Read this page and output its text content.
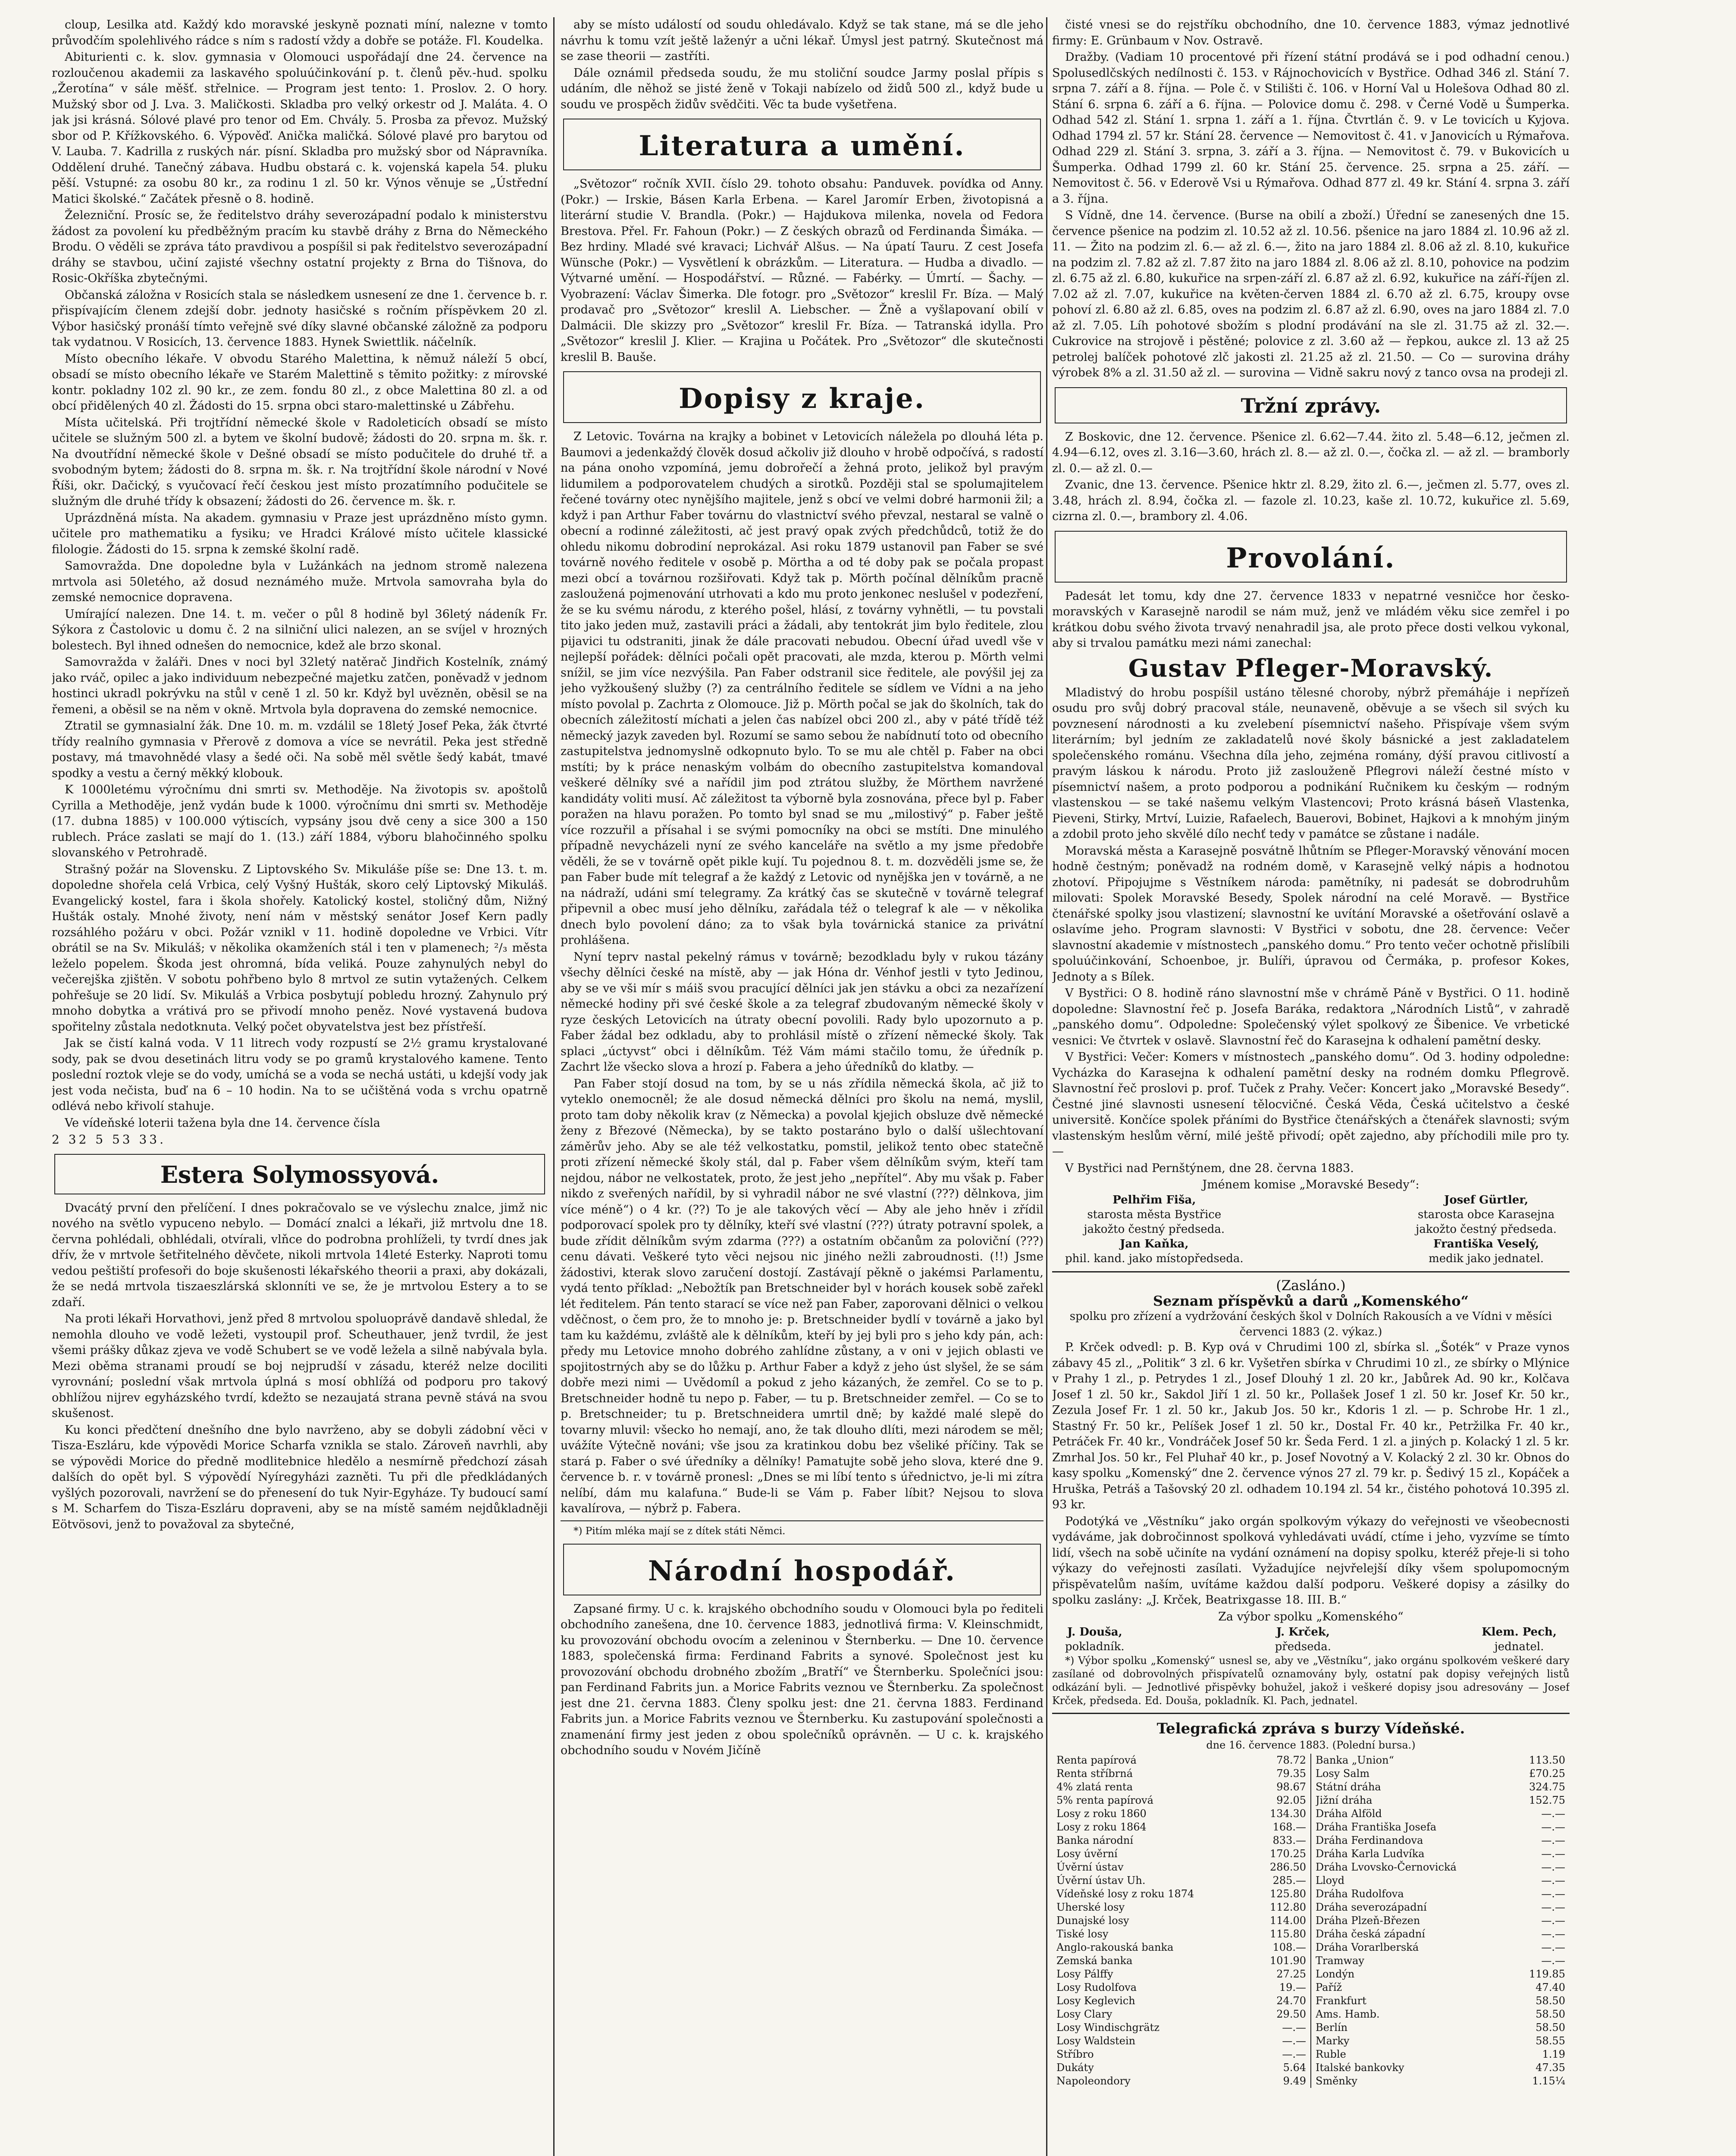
cloup, Lesilka atd. Každý kdo moravské jeskyně poznati míní, nalezne v tomto průvodčím spolehlivého rádce s ním s radostí vždy a dobře se potáže. Fl. Koudelka.

Abiturienti c. k. slov. gymnasia v Olomouci uspořádají dne 24. července na rozloučenou akademii za laskavého spoluúčinkování p. t. členů pěv.-hud. spolku „Žerotína“ v sále měšť. střelnice. — Program jest tento: 1. Proslov. 2. O hory. Mužský sbor od J. Lva. 3. Maličkosti. Skladba pro velký orkestr od J. Maláta. 4. O jak jsi krásná. Sólové plavé pro tenor od Em. Chvály. 5. Prosba za převoz. Mužský sbor od P. Křížkovského. 6. Výpověď. Anička maličká. Sólové plavé pro barytou od V. Lauba. 7. Kadrilla z ruských nár. písní. Skladba pro mužský sbor od Nápravníka. Oddělení druhé. Tanečný zábava. Hudbu obstará c. k. vojenská kapela 54. pluku pěší. Vstupné: za osobu 80 kr., za rodinu 1 zl. 50 kr. Výnos věnuje se „Ústřední Matici školské.“ Začátek přesně o 8. hodině.

Železniční. Prosíc se, že ředitelstvo dráhy severozápadní podalo k ministerstvu žádost za povolení ku předběžným pracím ku stavbě dráhy z Brna do Německého Brodu. O věděli se zpráva táto pravdivou a pospíšil si pak ředitelstvo severozápadní dráhy se stavbou, učiní zajisté všechny ostatní projekty z Brna do Tišnova, do Rosic-Okříška zbytečnými.

Občanská záložna v Rosicích stala se následkem usnesení ze dne 1. července b. r. přispívajícím členem zdejší dobr. jednoty hasičské s ročním příspěvkem 20 zl. Výbor hasičský pronáší tímto veřejně své díky slavné občanské záložně za podporu tak vydatnou. V Rosicích, 13. července 1883. Hynek Swiettlik. náčelník.

Místo obecního lékaře. V obvodu Starého Malettina, k němuž náleží 5 obcí, obsadí se místo obecního lékaře ve Starém Malettině s těmito požitky: z mírovské kontr. pokladny 102 zl. 90 kr., ze zem. fondu 80 zl., z obce Malettina 80 zl. a od obcí přidělených 40 zl. Žádosti do 15. srpna obci staro-malettinské u Zábřehu.

Místa učitelská. Při trojtřídní německé škole v Radoleticích obsadí se místo učitele se služným 500 zl. a bytem ve školní budově; žádosti do 20. srpna m. šk. r. Na dvoutřídní německé škole v Dešné obsadí se místo podučitele do druhé tř. a svobodným bytem; žádosti do 8. srpna m. šk. r. Na trojtřídní škole národní v Nové Říši, okr. Dačický, s vyučovací řečí českou jest místo prozatímního podučitele se služným dle druhé třídy k obsazení; žádosti do 26. července m. šk. r.

Uprázdněná místa. Na akadem. gymnasiu v Praze jest uprázdněno místo gymn. učitele pro mathematiku a fysiku; ve Hradci Králové místo učitele klassické filologie. Žádosti do 15. srpna k zemské školní radě.

Samovražda. Dne dopoledne byla v Lužánkách na jednom stromě nalezena mrtvola asi 50letého, až dosud neznámého muže. Mrtvola samovraha byla do zemské nemocnice dopravena.

Umírající nalezen. Dne 14. t. m. večer o půl 8 hodině byl 36letý nádeník Fr. Sýkora z Častolovic u domu č. 2 na silniční ulici nalezen, an se svíjel v hrozných bolestech. Byl ihned odnešen do nemocnice, kdež ale brzo skonal.

Samovražda v žaláři. Dnes v noci byl 32letý natěrač Jindřich Kostelník, známý jako rváč, opilec a jako individuum nebezpečné majetku zatčen, poněvadž v jednom hostinci ukradl pokrývku na stůl v ceně 1 zl. 50 kr. Když byl uvězněn, oběsil se na řemeni, a oběsil se na něm v okně. Mrtvola byla dopravena do zemské nemocnice.

Ztratil se gymnasialní žák. Dne 10. m. m. vzdálil se 18letý Josef Peka, žák čtvrté třídy realního gymnasia v Přerově z domova a více se nevrátil. Peka jest středně postavy, má tmavohnědé vlasy a šedé oči. Na sobě měl světle šedý kabát, tmavé spodky a vestu a černý měkký klobouk.

K 1000letému výročnímu dni smrti sv. Methoděje. Na životopis sv. apoštolů Cyrilla a Methoděje, jenž vydán bude k 1000. výročnímu dni smrti sv. Methoděje (17. dubna 1885) v 100.000 výtiscích, vypsány jsou dvě ceny a sice 300 a 150 rublech. Práce zaslati se mají do 1. (13.) září 1884, výboru blahočinného spolku slovanského v Petrohradě.

Strašný požár na Slovensku. Z Liptovského Sv. Mikuláše píše se: Dne 13. t. m. dopoledne shořela celá Vrbica, celý Vyšný Hušták, skoro celý Liptovský Mikuláš. Evangelický kostel, fara i škola shořely. Katolický kostel, stoličný dům, Nižný Hušták ostaly. Mnohé životy, není nám v městský senátor Josef Kern padly rozsáhlého požáru v obci. Požár vznikl v 11. hodině dopoledne ve Vrbici. Vítr obrátil se na Sv. Mikuláš; v několika okamženích stál i ten v plamenech; ²/₃ města leželo popelem. Škoda jest ohromná, bída veliká. Pouze zahynulých nebyl do večerejška zjištěn. V sobotu pohřbeno bylo 8 mrtvol ze sutin vytažených. Celkem pohřešuje se 20 lidí. Sv. Mikuláš a Vrbica posbytují pobledu hrozný. Zahynulo prý mnoho dobytka a vrátivá pro se přivodí mnoho peněz. Nové vystavená budova spořitelny zůstala nedotknuta. Velký počet obyvatelstva jest bez přístřeší.

Jak se čistí kalná voda. V 11 litrech vody rozpustí se 2½ gramu krystalované sody, pak se dvou desetinách litru vody se po gramů krystalového kamene. Tento poslední roztok vleje se do vody, umíchá se a voda se nechá ustáti, u kdejší vody jak jest voda nečista, buď na 6 – 10 hodin. Na to se učištěná voda s vrchu opatrně odlévá nebo křivolí stahuje.

Ve vídeňské loterii tažena byla dne 14. července čísla

2 32 5 53 33.

Estera Solymossyová.

Dvacátý první den přelíčení. I dnes pokračovalo se ve výslechu znalce, jimž nic nového na světlo vypuceno nebylo. — Domácí znalci a lékaři, již mrtvolu dne 18. června pohlédali, obhlédali, otvírali, vlňce do podrobna prohlíželi, ty tvrdí dnes jak dřív, že v mrtvole šetřitelného děvčete, nikoli mrtvola 14leté Esterky. Naproti tomu vedou peštiští profesoři do boje skušenosti lékařského theorii a praxi, aby dokázali, že se nedá mrtvola tiszaeszlárská sklonníti ve se, že je mrtvolou Estery a to se zdaří.

Na proti lékaři Horvathovi, jenž před 8 mrtvolou spoluoprávě dandavě shledal, že nemohla dlouho ve vodě ležeti, vystoupil prof. Scheuthauer, jenž tvrdil, že jest všemi prášky důkaz zjeva ve vodě Schubert se ve vodě ležela a silně nabývala byla. Mezi oběma stranami proudí se boj nejprudší v zásadu, kteréž nelze dociliti vyrovnání; poslední však mrtvola úplná s mosí obhlížá od podporu pro takový obhlížou nijrev egyházského tvrdí, kdežto se nezaujatá strana pevně stává na svou skušenost.

Ku konci předčtení dnešního dne bylo navrženo, aby se dobyli zádobní věci v Tisza-Eszláru, kde výpovědi Morice Scharfa vznikla se stalo. Zároveň navrhli, aby se výpovědi Morice do předně modlitebnice hledělo a nesmírně předchozí zásah dalších do opět byl. S výpovědí Nyíregyházi zazněti. Tu při dle předkládaných vyšlých pozorovali, navržení se do přenesení do tuk Nyir-Egyháze. Ty budoucí samí s M. Scharfem do Tisza-Eszláru dopraveni, aby se na místě samém nejdůkladněji Eötvösovi, jenž to považoval za sbytečné,

aby se místo událostí od soudu ohledávalo. Když se tak stane, má se dle jeho návrhu k tomu vzít ještě laženýr a učni lékař. Úmysl jest patrný. Skutečnost má se zase theorii — zastříti.

Dále oznámil předseda soudu, že mu stoliční soudce Jarmy poslal přípis s udáním, dle něhož se jisté ženě v Tokaji nabízelo od židů 500 zl., když bude u soudu ve prospěch židův svědčiti. Věc ta bude vyšetřena.

Literatura a umění.

„Světozor“ ročník XVII. číslo 29. tohoto obsahu: Panduvek. povídka od Anny. (Pokr.) — Irskie, Básen Karla Erbena. — Karel Jaromír Erben, životopisná a literární studie V. Brandla. (Pokr.) — Hajdukova milenka, novela od Fedora Brestova. Přel. Fr. Fahoun (Pokr.) — Z českých obrazů od Ferdinanda Šimáka. — Bez hrdiny. Mladé své kravaci; Lichvář Alšus. — Na úpatí Tauru. Z cest Josefa Wünsche (Pokr.) — Vysvětlení k obrázkům. — Literatura. — Hudba a divadlo. — Výtvarné umění. — Hospodářství. — Různé. — Fabérky. — Úmrtí. — Šachy. — Vyobrazení: Václav Šimerka. Dle fotogr. pro „Světozor“ kreslil Fr. Bíza. — Malý prodavač pro „Světozor“ kreslil A. Liebscher. — Žně a vyšlapovaní obilí v Dalmácii. Dle skizzy pro „Světozor“ kreslil Fr. Bíza. — Tatranská idylla. Pro „Světozor“ kreslil J. Klier. — Krajina u Počátek. Pro „Světozor“ dle skutečnosti kreslil B. Bauše.

Dopisy z kraje.

Z Letovic. Továrna na krajky a bobinet v Letovicích náležela po dlouhá léta p. Baumovi a jedenkaždý člověk dosud ačkoliv již dlouho v hrobě odpočívá, s radostí na pána onoho vzpomíná, jemu dobrořečí a žehná proto, jelikož byl pravým lidumilem a podporovatelem chudých a sirotků. Později stal se spolumajitelem řečené továrny otec nynějšího majitele, jenž s obcí ve velmi dobré harmonii žil; a když i pan Arthur Faber továrnu do vlastnictví svého převzal, nestaral se valně o obecní a rodinné záležitosti, ač jest pravý opak zvých předchůdců, totiž že do ohledu nikomu dobrodiní neprokázal. Asi roku 1879 ustanovil pan Faber se své továrně nového ředitele v osobě p. Mörtha a od té doby pak se počala propast mezi obcí a továrnou rozšiřovati. Když tak p. Mörth počínal dělníkům pracně zasloužená pojmenování utrhovati a kdo mu proto jenkonec neslušel v podezření, že se ku svému národu, z kterého pošel, hlásí, z továrny vyhnětli, — tu povstali tito jako jeden muž, zastavili práci a žádali, aby tentokrát jim bylo ředitele, zlou pijavici tu odstraniti, jinak že dále pracovati nebudou. Obecní úřad uvedl vše v nejlepší pořádek: dělníci počali opět pracovati, ale mzda, kterou p. Mörth velmi snížil, se jim více nezvýšila. Pan Faber odstranil sice ředitele, ale povýšil jej za jeho vyžkoušený služby (?) za centrálního ředitele se sídlem ve Vídni a na jeho místo povolal p. Zachrta z Olomouce. Již p. Mörth počal se jak do školních, tak do obecních záležitostí míchati a jelen čas nabízel obci 200 zl., aby v páté třídě též německý jazyk zaveden byl. Rozumí se samo sebou že nabídnutí toto od obecního zastupitelstva jednomyslně odkopnuto bylo. To se mu ale chtěl p. Faber na obci mstíti; by k práce nenaským volbám do obecního zastupitelstva komandoval veškeré dělníky své a nařídil jim pod ztrátou služby, že Mörthem navržené kandidáty voliti musí. Ač záležitost ta výborně byla zosnována, přece byl p. Faber poražen na hlavu poražen. Po tomto byl snad se mu „milostivý“ p. Faber ještě více rozzuřil a přísahal i se svými pomocníky na obci se mstíti. Dne minulého případně nevycházeli nyní ze svého kanceláře na světlo a my jsme předobře věděli, že se v továrně opět pikle kují. Tu pojednou 8. t. m. dozvěděli jsme se, že pan Faber bude mít telegraf a že každý z Letovic od nynějška jen v továrně, a ne na nádraží, udáni smí telegramy. Za krátký čas se skutečně v továrně telegraf připevnil a obec musí jeho dělníku, zařádala též o telegraf k ale — v několika dnech bylo povolení dáno; za to však byla továrnická stanice za privátní prohlášena.

Nyní teprv nastal pekelný rámus v továrně; bezodkladu byly v rukou tázány všechy dělníci české na místě, aby — jak Hóna dr. Vénhof jestli v tyto Jedinou, aby se ve vši mír s máiš svou pracující dělníci jak jen stávku a obci za nezařízení německé hodiny při své české škole a za telegraf zbudovaným německé školy v ryze českých Letovicích na útraty obecní povolili. Rady bylo upozornuto a p. Faber žádal bez odkladu, aby to prohlásil místě o zřízení německé školy. Tak splaci „úctyvst“ obci i dělníkům. Též Vám mámi stačilo tomu, že úředník p. Zachrt lže všecko slova a hrozí p. Fabera a jeho úředníků do klatby. —

Pan Faber stojí dosud na tom, by se u nás zřídila německá škola, ač již to vyteklo onemocněl; že ale dosud německá dělníci pro školu na nemá, myslil, proto tam doby několik krav (z Německa) a povolal kjejich obsluze dvě německé ženy z Březové (Německa), by se takto postaráno bylo o další ušlechtovaní záměrův jeho. Aby se ale též velkostatku, pomstil, jelikož tento obec statečně proti zřízení německé školy stál, dal p. Faber všem dělníkům svým, kteří tam nejdou, nábor ne velkostatek, proto, že jest jeho „nepřítel“. Aby mu však p. Faber nikdo z sveřených nařídil, by si vyhradil nábor ne své vlastní (???) dělnkova, jim více méně“) o 4 kr. (??) To je ale takových věcí — Aby ale jeho hněv i zřídil podporovací spolek pro ty dělníky, kteří své vlastní (???) útraty potravní spolek, a bude zřídit dělníkům svým zdarma (???) a ostatním občanům za poloviční (???) cenu dávati. Veškeré tyto věci nejsou nic jiného nežli zabroudnosti. (!!) Jsme žádostivi, kterak slovo zaručení dostojí. Zastávají pěkně o jakémsi Parlamentu, vydá tento příklad: „Nebožtík pan Bretschneider byl v horách kousek sobě zařekl lét ředitelem. Pán tento starací se více než pan Faber, zaporovani dělnici o velkou vděčnost, o čem pro, že to mnoho je: p. Bretschneider bydlí v továrně a jako byl tam ku každému, zvláště ale k dělníkům, kteří by jej byli pro s jeho kdy pán, ach: předy mu Letovice mnoho dobrého zahlídne zůstany, a v oni v jejich oblasti ve spojitostrných aby se do lůžku p. Arthur Faber a když z jeho úst slyšel, že se sám dobře mezi nimi — Uvědomíl a pokud z jeho kázaných, že zemřel. Co se to p. Bretschneider hodně tu nepo p. Faber, — tu p. Bretschneider zemřel. — Co se to p. Bretschneider; tu p. Bretschneidera umrtil dně; by každé malé slepě do tovarny mluvil: všecko ho nemají, ano, že tak dlouho dlíti, mezi národem se měl; uvážíte Výtečně nováni; vše jsou za kratinkou dobu bez všeliké příčiny. Tak se stará p. Faber o své úředníky a dělníky! Pamatujte sobě jeho slova, které dne 9. července b. r. v továrně pronesl: „Dnes se mi líbí tento s úřednictvo, je-li mi zítra nelíbí, dám mu kalafuna.“ Bude-li se Vám p. Faber líbit? Nejsou to slova kavalírova, — nýbrž p. Fabera.

*) Pitím mléka mají se z dítek státi Němci.

Národní hospodář.

Zapsané firmy. U c. k. krajského obchodního soudu v Olomouci byla po řediteli obchodního zanešena, dne 10. července 1883, jednotlivá firma: V. Kleinschmidt, ku provozování obchodu ovocím a zeleninou v Šternberku. — Dne 10. července 1883, společenská firma: Ferdinand Fabrits a synové. Společnost jest ku provozování obchodu drobného zbožím „Bratří“ ve Šternberku. Společníci jsou: pan Ferdinand Fabrits jun. a Morice Fabrits veznou ve Šternberku. Za společnost jest dne 21. června 1883. Členy spolku jest: dne 21. června 1883. Ferdinand Fabrits jun. a Morice Fabrits veznou ve Šternberku. Ku zastupování společnosti a znamenání firmy jest jeden z obou společníků oprávněn. — U c. k. krajského obchodního soudu v Novém Jičíně

čisté vnesi se do rejstříku obchodního, dne 10. července 1883, výmaz jednotlivé firmy: E. Grünbaum v Nov. Ostravě.

Dražby. (Vadiam 10 procentové při řízení státní prodává se i pod odhadní cenou.) Spolusedlčských nedílnosti č. 153. v Rájnochovicích v Bystřice. Odhad 346 zl. Stání 7. srpna 7. září a 8. října. — Pole č. v Stilišti č. 106. v Horní Val u Holešova Odhad 80 zl. Stání 6. srpna 6. září a 6. října. — Polovice domu č. 298. v Černé Vodě u Šumperka. Odhad 542 zl. Stání 1. srpna 1. září a 1. října. Čtvrtlán č. 9. v Le tovicích u Kyjova. Odhad 1794 zl. 57 kr. Stání 28. července — Nemovitost č. 41. v Janovicích u Rýmařova. Odhad 229 zl. Stání 3. srpna, 3. září a 3. října. — Nemovitost č. 79. v Bukovicích u Šumperka. Odhad 1799 zl. 60 kr. Stání 25. července. 25. srpna a 25. září. — Nemovitost č. 56. v Ederově Vsi u Rýmařova. Odhad 877 zl. 49 kr. Stání 4. srpna 3. září a 3. října.

S Vídně, dne 14. července. (Burse na obilí a zboží.) Úřední se zanesených dne 15. července pšenice na podzim zl. 10.52 až zl. 10.56. pšenice na jaro 1884 zl. 10.96 až zl. 11. — Žito na podzim zl. 6.— až zl. 6.—, žito na jaro 1884 zl. 8.06 až zl. 8.10, kukuřice na podzim zl. 7.82 až zl. 7.87 žito na jaro 1884 zl. 8.06 až zl. 8.10, pohovice na podzim zl. 6.75 až zl. 6.80, kukuřice na srpen-září zl. 6.87 až zl. 6.92, kukuřice na září-říjen zl. 7.02 až zl. 7.07, kukuřice na květen-červen 1884 zl. 6.70 až zl. 6.75, kroupy ovse pohoví zl. 6.80 až zl. 6.85, oves na podzim zl. 6.87 až zl. 6.90, oves na jaro 1884 zl. 7.0 až zl. 7.05. Líh pohotové sbožím s plodní prodávání na sle zl. 31.75 až zl. 32.—. Cukrovice na strojově i pěstěné; polovice z zl. 3.60 až — řepkou, aukce zl. 13 až 25 petrolej balíček pohotové zlč jakosti zl. 21.25 až zl. 21.50. — Co — surovina dráhy výrobek 8% a zl. 31.50 až zl. — surovina — Vidně sakru nový z tanco ovsa na prodeji zl.

Tržní zprávy.

Z Boskovic, dne 12. července. Pšenice zl. 6.62—7.44. žito zl. 5.48—6.12, ječmen zl. 4.94—6.12, oves zl. 3.16—3.60, hrách zl. 8.— až zl. 0.—, čočka zl. — až zl. — bramborly zl. 0.— až zl. 0.—

Zvanic, dne 13. července. Pšenice hktr zl. 8.29, žito zl. 6.—, ječmen zl. 5.77, oves zl. 3.48, hrách zl. 8.94, čočka zl. — fazole zl. 10.23, kaše zl. 10.72, kukuřice zl. 5.69, cizrna zl. 0.—, brambory zl. 4.06.

Provolání.

Padesát let tomu, kdy dne 27. července 1833 v nepatrné vesničce hor česko-moravských v Karasejně narodil se nám muž, jenž ve mládém věku sice zemřel i po krátkou dobu svého života trvavý nenahradil jsa, ale proto přece dosti velkou vykonal, aby si trvalou památku mezi námi zanechal:

Gustav Pfleger-Moravský.

Mladistvý do hrobu pospíšil ustáno tělesné choroby, nýbrž přemáháje i nepřízeň osudu pro svůj dobrý pracoval stále, neunaveně, oběvuje a se všech sil svých ku povznesení národnosti a ku zvelebení písemnictví našeho. Přispívaje všem svým literárním; byl jedním ze zakladatelů nové školy básnické a jest zakladatelem společenského románu. Všechna díla jeho, zejména romány, dýší pravou citlivostí a pravým láskou k národu. Proto již zaslouženě Pflegrovi náleží čestné místo v písemnictví našem, a proto podporou a podnikání Ručnikem ku českým — rodným vlastenskou — se také našemu velkým Vlastencovi; Proto krásná báseň Vlastenka, Pieveni, Stirky, Mrtví, Luizie, Rafaelech, Bauerovi, Bobinet, Hajkovi a k mnohým jiným a zdobil proto jeho skvělé dílo nechť tedy v památce se zůstane i nadále.

Moravská města a Karasejně posvátně lhůtním se Pfleger-Moravský věnování mocen hodně čestným; poněvadž na rodném domě, v Karasejně velký nápis a hodnotou zhotoví. Připojujme s Věstníkem národa: pamětníky, ni padesát se dobrodruhům milovati: Spolek Moravské Besedy, Spolek národní na celé Moravě. — Bystřice čtenářské spolky jsou vlastizení; slavnostní ke uvítání Moravské a ošetřování oslavě a oslavíme jeho. Program slavnosti: V Bystřici v sobotu, dne 28. července: Večer slavnostní akademie v místnostech „panského domu.“ Pro tento večer ochotně přislíbili spoluúčinkování, Schoenboe, jr. Bulíři, úpravou od Čermáka, p. profesor Kokes, Jednoty a s Bílek.

V Bystřici: O 8. hodině ráno slavnostní mše v chrámě Páně v Bystřici. O 11. hodině dopoledne: Slavnostní řeč p. Josefa Baráka, redaktora „Národních Listů“, v zahradě „panského domu“. Odpoledne: Společenský výlet spolkový ze Šibenice. Ve vrbetické vesnici: Ve čtvrtek v oslavě. Slavnostní řeč do Karasejna k odhalení pamětní desky.

V Bystřici: Večer: Komers v místnostech „panského domu“. Od 3. hodiny odpoledne: Vycházka do Karasejna k odhalení pamětní desky na rodném domku Pflegrově. Slavnostní řeč proslovi p. prof. Tuček z Prahy. Večer: Koncert jako „Moravské Besedy“. Čestné jiné slavnosti usnesení tělocvičné. Česká Věda, Česká učitelstvo a české universitě. Končíce spolek přáními do Bystřice čtenářských a čtenářek slavnosti; svým vlastenským heslům věrní, milé ještě přivodí; opět zajedno, aby příchodili mile pro ty. —

V Bystřici nad Pernštýnem, dne 28. června 1883.

Jménem komise „Moravské Besedy“:
Pelhřim Fiša,
starosta města Bystřice
jakožto čestný předseda.
Jan Kaňka,
phil. kand. jako místopředseda.
Josef Gürtler,
starosta obce Karasejna
jakožto čestný předseda.
Františka Veselý,
medik jako jednatel.
(Zasláno.)
Seznam příspěvků a darů „Komenského“
spolku pro zřízení a vydržování českých škol v Dolních Rakousích a ve Vídni v měsíci červenci 1883 (2. výkaz.)

P. Krček odvedl: p. B. Kyp ová v Chrudimi 100 zl, sbírka sl. „Šoték“ v Praze vynos zábavy 45 zl., „Politik“ 3 zl. 6 kr. Vyšetřen sbírka v Chrudimi 10 zl., ze sbírky o Mlýnice v Prahy 1 zl., p. Petrydes 1 zl., Josef Dlouhý 1 zl. 20 kr., Jabůrek Ad. 90 kr., Kolčava Josef 1 zl. 50 kr., Sakdol Jiří 1 zl. 50 kr., Pollašek Josef 1 zl. 50 kr. Josef Kr. 50 kr., Zezula Josef Fr. 1 zl. 50 kr., Jakub Jos. 50 kr., Kdoris 1 zl. — p. Schrobe Hr. 1 zl., Stastný Fr. 50 kr., Pelíšek Josef 1 zl. 50 kr., Dostal Fr. 40 kr., Petržilka Fr. 40 kr., Petráček Fr. 40 kr., Vondráček Josef 50 kr. Šeda Ferd. 1 zl. a jiných p. Kolacký 1 zl. 5 kr. Zmrhal Jos. 50 kr., Fel Pluhař 40 kr., p. Josef Novotný a V. Kolacký 2 zl. 30 kr. Obnos do kasy spolku „Komenský“ dne 2. července výnos 27 zl. 79 kr. p. Šedivý 15 zl., Kopáček a Hruška, Petráš a Tašovský 20 zl. odhadem 10.194 zl. 54 kr., čistého pohotová 10.395 zl. 93 kr.

Podotýká ve „Věstníku“ jako orgán spolkovým výkazy do veřejnosti ve všeobecnosti vydáváme, jak dobročinnost spolková vyhledávati uvádí, ctíme i jeho, vyzvíme se tímto lidí, všech na sobě učiníte na vydání oznámení na dopisy spolku, kteréž přeje-li si toho výkazy do veřejnosti zasílati. Vyžadujíce nejvřelejší díky všem spolupomocným přispěvatelům naším, uvítáme každou další podporu. Veškeré dopisy a zásilky do spolku zaslány: „J. Krček, Beatrixgasse 18. III. B.“

Za výbor spolku „Komenského“
J. Douša,
pokladník.
J. Krček,
předseda.
Klem. Pech,
jednatel.

*) Výbor spolku „Komenský“ usnesl se, aby ve „Věstníku“, jako orgánu spolkovém veškeré dary zasílané od dobrovolných přispívatelů oznamovány byly, ostatní pak dopisy veřejných listů odkázání byli. — Jednotlivé přispěvky bohužel, jakož i veškeré dopisy jsou adresovány — Josef Krček, předseda. Ed. Douša, pokladník. Kl. Pach, jednatel.

Telegrafická zpráva s burzy Vídeňské.
dne 16. července 1883. (Polední bursa.)
Renta papírová	78.72
Renta stříbrná	79.35
4% zlatá renta	98.67
5% renta papírová	92.05
Losy z roku 1860	134.30
Losy z roku 1864	168.—
Banka národní	833.—
Losy úvěrní	170.25
Úvěrní ústav	286.50
Úvěrní ústav Uh.	285.—
Vídeňské losy z roku 1874	125.80
Uherské losy	112.80
Dunajské losy	114.00
Tiské losy	115.80
Anglo-rakouská banka	108.—
Zemská banka	101.90
Losy Pálffy	27.25
Losy Rudolfova	19.—
Losy Keglevich	24.70
Losy Clary	29.50
Losy Windischgrätz	—.—
Losy Waldstein	—.—
Stříbro	—.—
Dukáty	5.64
Napoleondory	9.49
Banka „Union“	113.50
Losy Salm	£70.25
Státní dráha	324.75
Jižní dráha	152.75
Dráha Alföld	—.—
Dráha Františka Josefa	—.—
Dráha Ferdinandova	—.—
Dráha Karla Ludvíka	—.—
Dráha Lvovsko-Černovická	—.—
Lloyd	—.—
Dráha Rudolfova	—.—
Dráha severozápadní	—.—
Dráha Plzeň-Březen	—.—
Dráha česká západní	—.—
Dráha Vorarlberská	—.—
Tramway	—.—
Londýn	119.85
Paříž	47.40
Frankfurt	58.50
Ams. Hamb.	58.50
Berlín	58.50
Marky	58.55
Ruble	1.19
Italské bankovky	47.35
Směnky	1.15¼
